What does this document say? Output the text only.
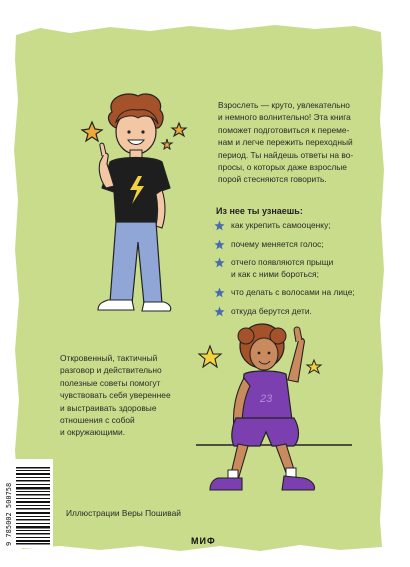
Взрослеть — круто, увлекательно
и немного волнительно! Эта книга
поможет подготовиться к переме-
нам и легче пережить переходный
период. Ты найдешь ответы на во-
просы, о которых даже взрослые
порой стесняются говорить.
Из нее ты узнаешь:
как укрепить самооценку;
почему меняется голос;
отчего появляются прыщи
и как с ними бороться;
что делать с волосами на лице;
откуда берутся дети.
Откровенный, тактичный
разговор и действительно
полезные советы помогут
чувствовать себя увереннее
и выстраивать здоровые
отношения с собой
и окружающими.
23
Иллюстрации Веры Пошивай
9 785002 500758	МИФ
